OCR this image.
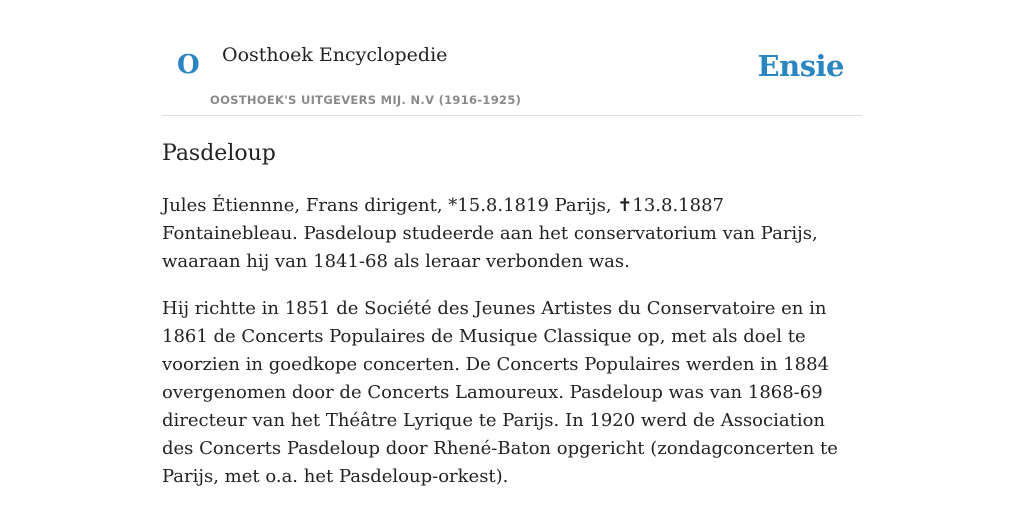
O Oosthoek Encyclopedie
OOSTHOEK'S UITGEVERS MIJ. N.V (1916-1925)
Ensie
Pasdeloup

Jules Étiennne, Frans dirigent, *15.8.1819 Parijs, ✝13.8.1887 Fontainebleau. Pasdeloup studeerde aan het conservatorium van Parijs, waaraan hij van 1841-68 als leraar verbonden was.

Hij richtte in 1851 de Société des Jeunes Artistes du Conservatoire en in 1861 de Concerts Populaires de Musique Classique op, met als doel te voorzien in goedkope concerten. De Concerts Populaires werden in 1884 overgenomen door de Concerts Lamoureux. Pasdeloup was van 1868-69 directeur van het Théâtre Lyrique te Parijs. In 1920 werd de Association des Concerts Pasdeloup door Rhené-Baton opgericht (zondagconcerten te Parijs, met o.a. het Pasdeloup-orkest).
